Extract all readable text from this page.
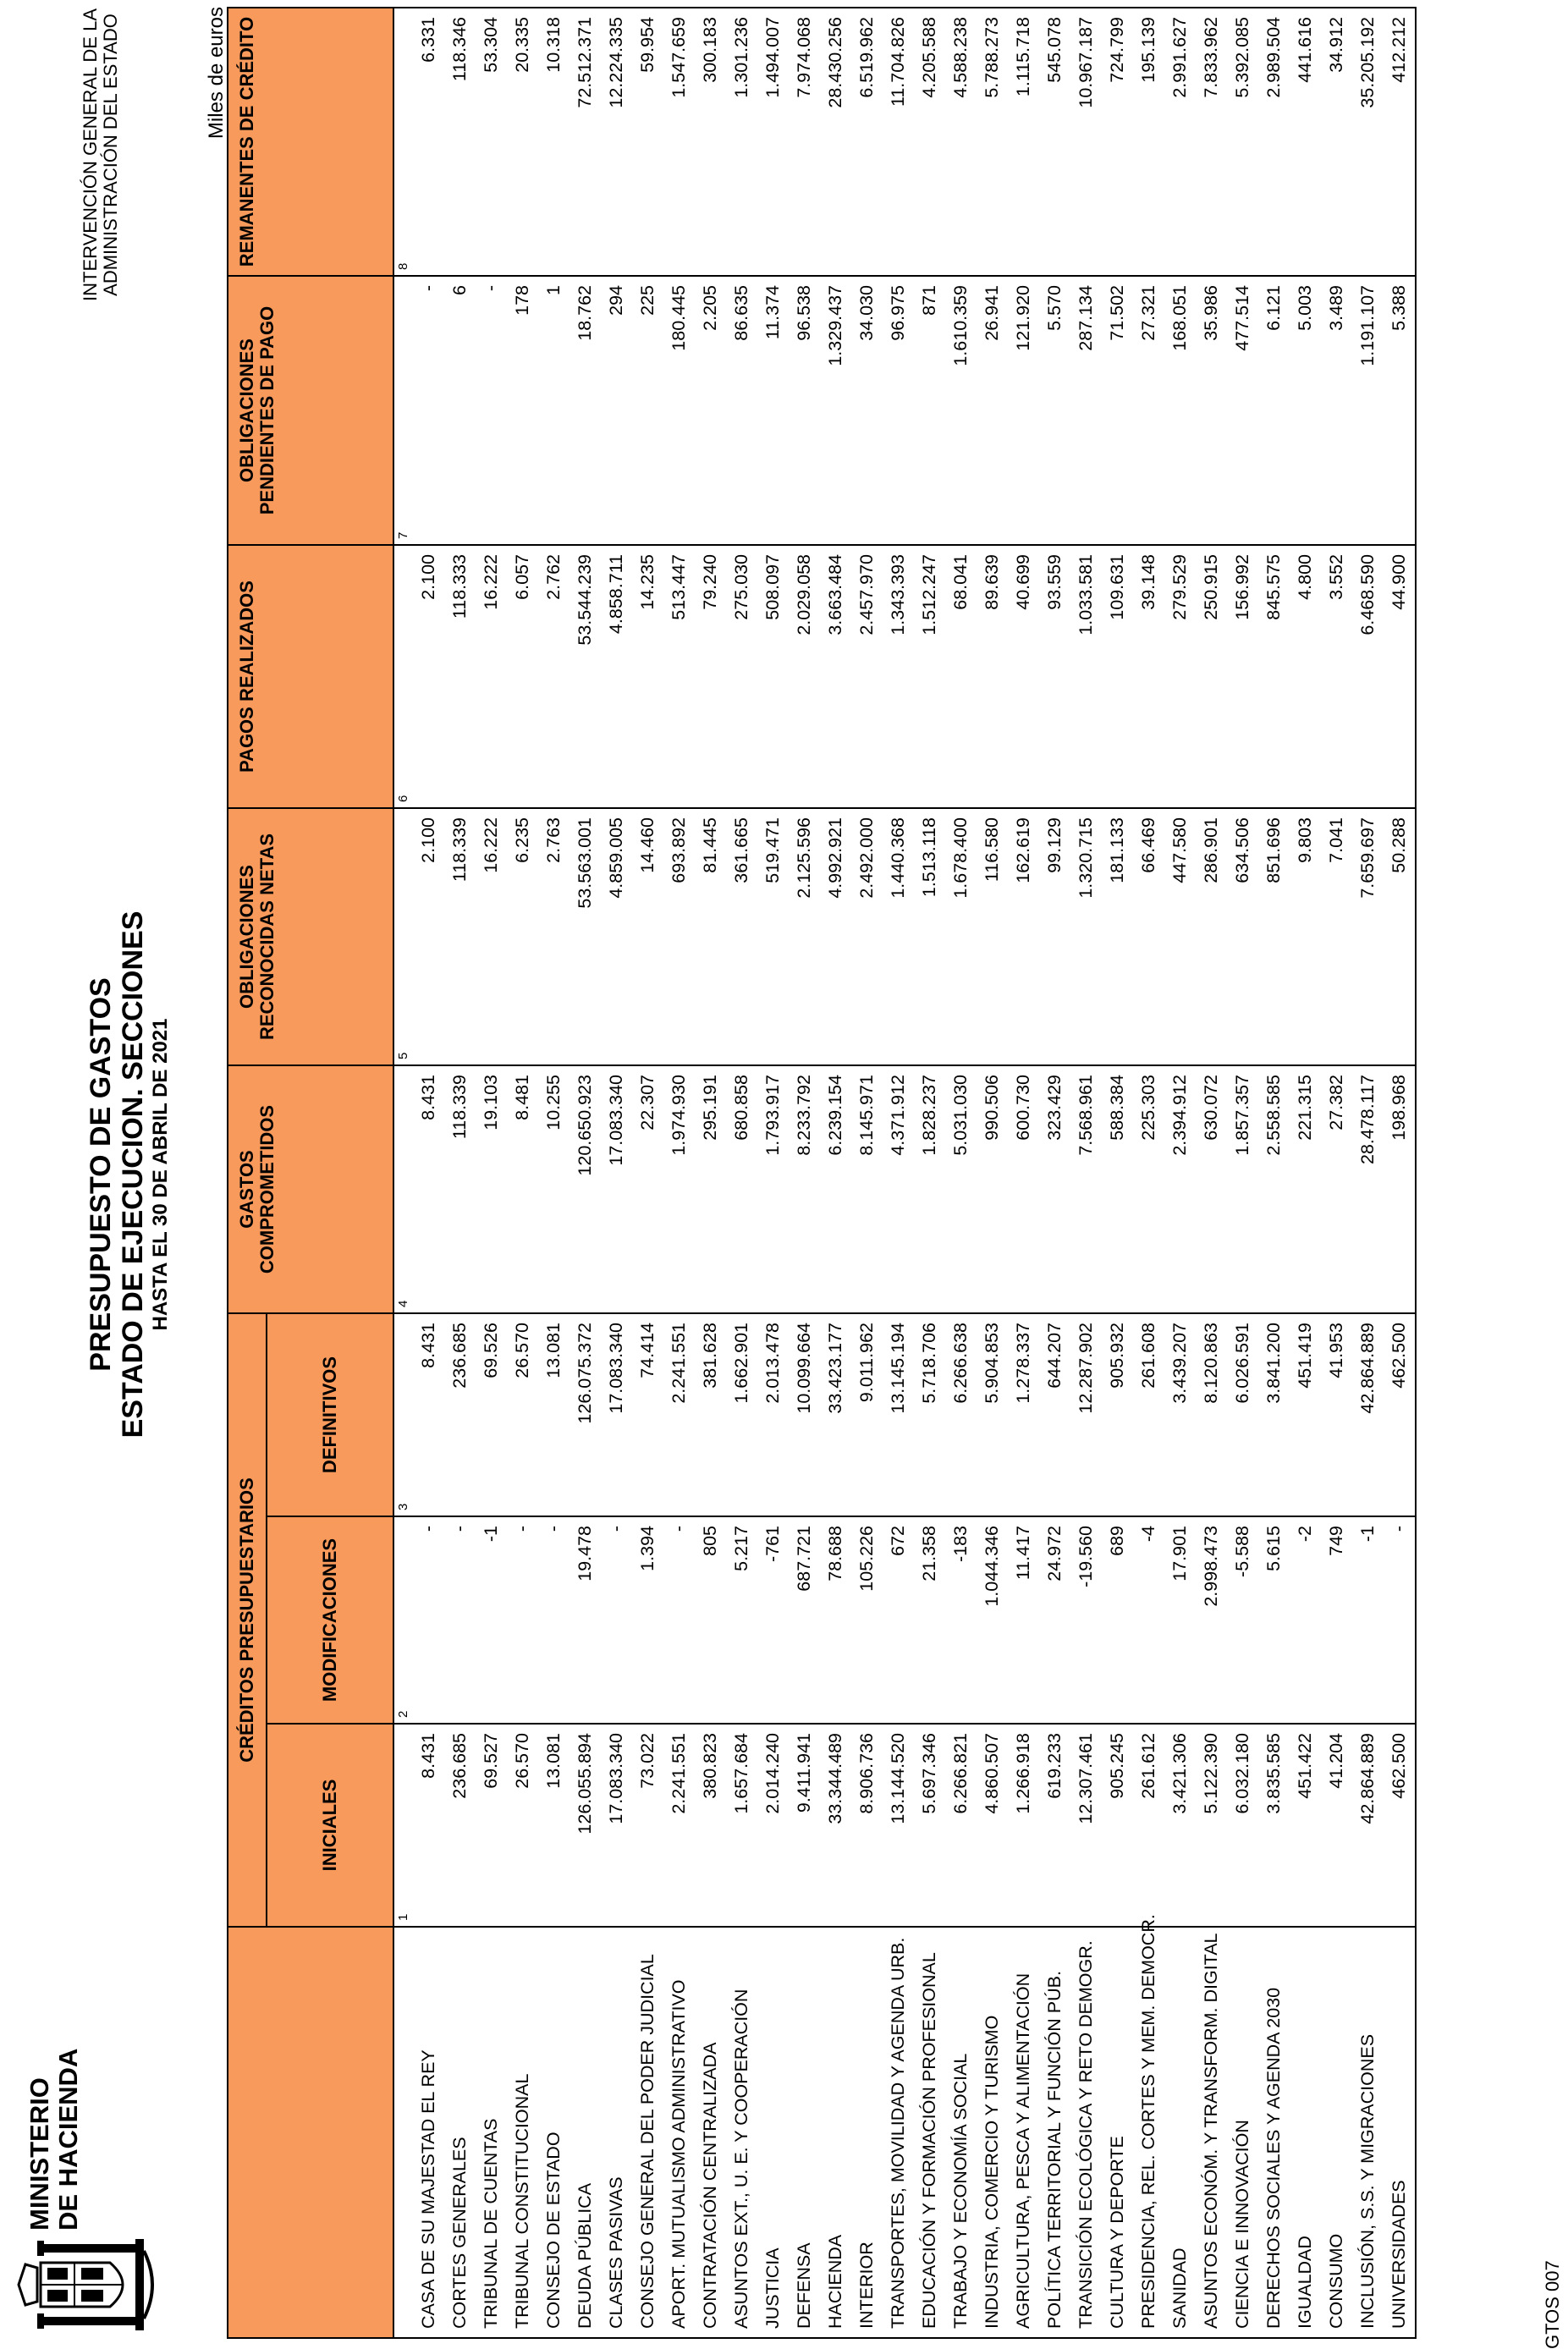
MINISTERIO DE HACIENDA
PRESUPUESTO DE GASTOS ESTADO DE EJECUCION. SECCIONES HASTA EL 30 DE ABRIL DE 2021
INTERVENCIÓN GENERAL DE LA ADMINISTRACIÓN DEL ESTADO	Miles de euros
	CRÉDITOS PRESUPUESTARIOS			GASTOS COMPROMETIDOS	OBLIGACIONES RECONOCIDAS NETAS	PAGOS REALIZADOS	OBLIGACIONES PENDIENTES DE PAGO	REMANENTES DE CRÉDITO
	INICIALES	MODIFICACIONES	DEFINITIVOS					
	1	2	3	4	5	6	7	8
CASA DE SU MAJESTAD EL REY	8.431	-	8.431	8.431	2.100	2.100	-	6.331
CORTES GENERALES	236.685	-	236.685	118.339	118.339	118.333	6	118.346
TRIBUNAL DE CUENTAS	69.527	-1	69.526	19.103	16.222	16.222	-	53.304
TRIBUNAL CONSTITUCIONAL	26.570	-	26.570	8.481	6.235	6.057	178	20.335
CONSEJO DE ESTADO	13.081	-	13.081	10.255	2.763	2.762	1	10.318
DEUDA PÚBLICA	126.055.894	19.478	126.075.372	120.650.923	53.563.001	53.544.239	18.762	72.512.371
CLASES PASIVAS	17.083.340	-	17.083.340	17.083.340	4.859.005	4.858.711	294	12.224.335
CONSEJO GENERAL DEL PODER JUDICIAL	73.022	1.394	74.414	22.307	14.460	14.235	225	59.954
APORT. MUTUALISMO ADMINISTRATIVO	2.241.551	-	2.241.551	1.974.930	693.892	513.447	180.445	1.547.659
CONTRATACIÓN CENTRALIZADA	380.823	805	381.628	295.191	81.445	79.240	2.205	300.183
ASUNTOS EXT., U. E. Y COOPERACIÓN	1.657.684	5.217	1.662.901	680.858	361.665	275.030	86.635	1.301.236
JUSTICIA	2.014.240	-761	2.013.478	1.793.917	519.471	508.097	11.374	1.494.007
DEFENSA	9.411.941	687.721	10.099.664	8.233.792	2.125.596	2.029.058	96.538	7.974.068
HACIENDA	33.344.489	78.688	33.423.177	6.239.154	4.992.921	3.663.484	1.329.437	28.430.256
INTERIOR	8.906.736	105.226	9.011.962	8.145.971	2.492.000	2.457.970	34.030	6.519.962
TRANSPORTES, MOVILIDAD Y AGENDA URB.	13.144.520	672	13.145.194	4.371.912	1.440.368	1.343.393	96.975	11.704.826
EDUCACIÓN Y FORMACIÓN PROFESIONAL	5.697.346	21.358	5.718.706	1.828.237	1.513.118	1.512.247	871	4.205.588
TRABAJO Y ECONOMÍA SOCIAL	6.266.821	-183	6.266.638	5.031.030	1.678.400	68.041	1.610.359	4.588.238
INDUSTRIA, COMERCIO Y TURISMO	4.860.507	1.044.346	5.904.853	990.506	116.580	89.639	26.941	5.788.273
AGRICULTURA, PESCA Y ALIMENTACIÓN	1.266.918	11.417	1.278.337	600.730	162.619	40.699	121.920	1.115.718
POLÍTICA TERRITORIAL Y FUNCIÓN PÚB.	619.233	24.972	644.207	323.429	99.129	93.559	5.570	545.078
TRANSICIÓN ECOLÓGICA Y RETO DEMOGR.	12.307.461	-19.560	12.287.902	7.568.961	1.320.715	1.033.581	287.134	10.967.187
CULTURA Y DEPORTE	905.245	689	905.932	588.384	181.133	109.631	71.502	724.799
PRESIDENCIA, REL. CORTES Y MEM. DEMOCR.	261.612	-4	261.608	225.303	66.469	39.148	27.321	195.139
SANIDAD	3.421.306	17.901	3.439.207	2.394.912	447.580	279.529	168.051	2.991.627
ASUNTOS ECONÓM. Y TRANSFORM. DIGITAL	5.122.390	2.998.473	8.120.863	630.072	286.901	250.915	35.986	7.833.962
CIENCIA E INNOVACIÓN	6.032.180	-5.588	6.026.591	1.857.357	634.506	156.992	477.514	5.392.085
DERECHOS SOCIALES Y AGENDA 2030	3.835.585	5.615	3.841.200	2.558.585	851.696	845.575	6.121	2.989.504
IGUALDAD	451.422	-2	451.419	221.315	9.803	4.800	5.003	441.616
CONSUMO	41.204	749	41.953	27.382	7.041	3.552	3.489	34.912
INCLUSIÓN, S.S. Y MIGRACIONES	42.864.889	-1	42.864.889	28.478.117	7.659.697	6.468.590	1.191.107	35.205.192
UNIVERSIDADES	462.500	-	462.500	198.968	50.288	44.900	5.388	412.212
GTOS 007
